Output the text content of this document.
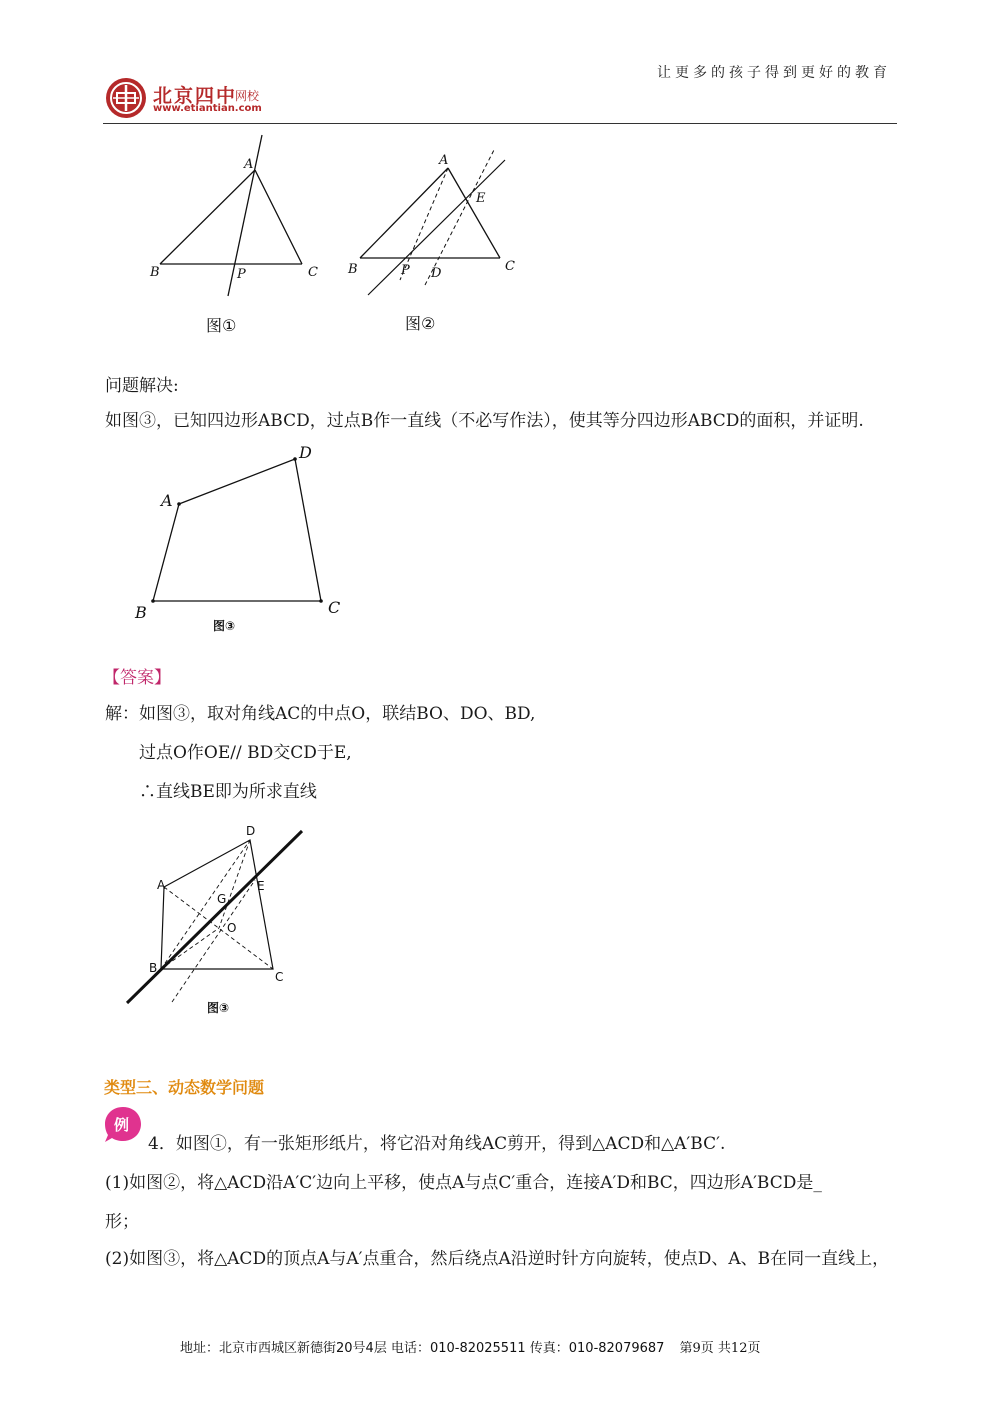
让更多的孩子得到更好的教育
北京四中
网校
www.etiantian.com
A
B	C
P
图①
A
B	C
P D
E
图②
问题解决:
如图③，已知四边形ABCD，过点B作一直线（不必写作法），使其等分四边形ABCD的面积，并证明.
A
B	C
D
图③
【答案】
解：如图③，取对角线AC的中点O，联结BO、DO、BD,
过点O作OE// BD交CD于E,
∴直线BE即为所求直线
D
A	E
G
O
B
C
图③
类型三、动态数学问题
例
4．如图①，有一张矩形纸片，将它沿对角线AC剪开，得到△ACD和△A′BC′.
(1)如图②，将△ACD沿A′C′边向上平移，使点A与点C′重合，连接A′D和BC，四边形A′BCD是_
形；
(2)如图③，将△ACD的顶点A与A′点重合，然后绕点A沿逆时针方向旋转，使点D、A、B在同一直线上，
地址：北京市西城区新德街20号4层 电话：010-82025511 传真：010-82079687 第9页 共12页
